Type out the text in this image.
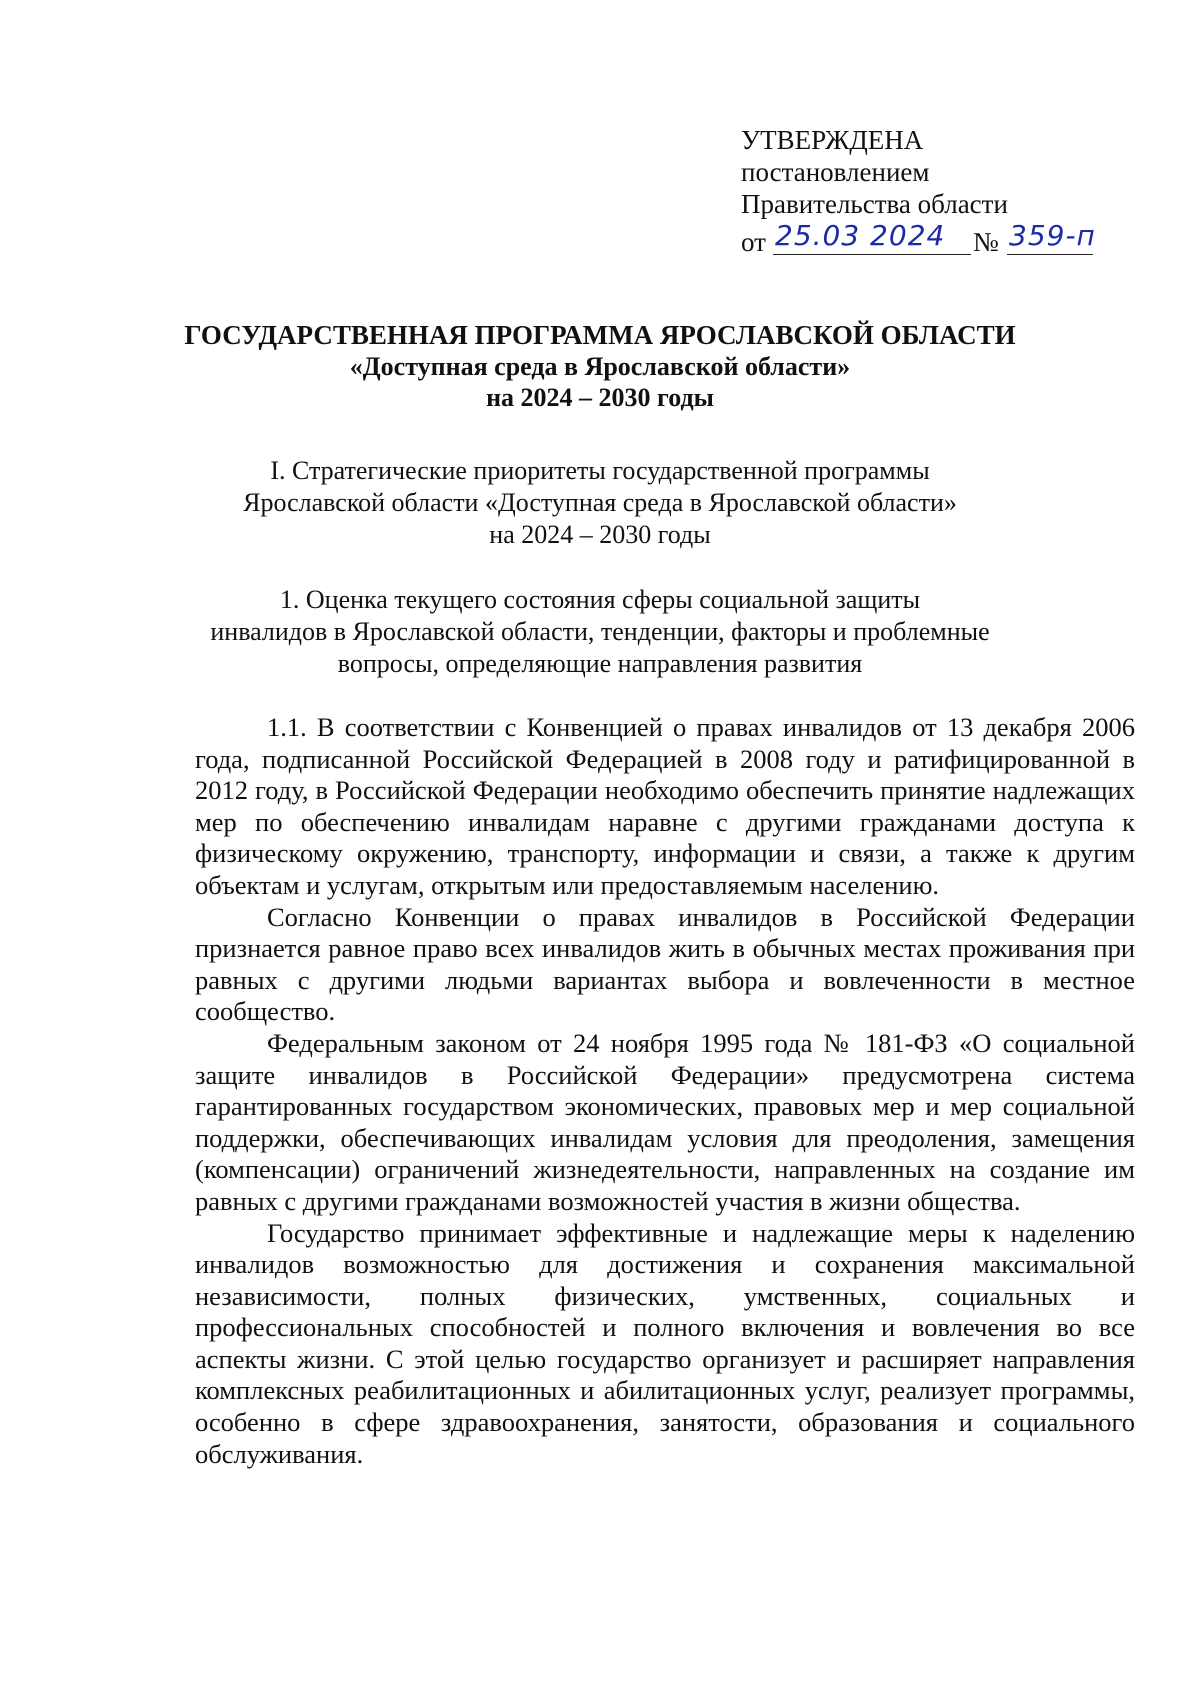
УТВЕРЖДЕНА
постановлением
Правительства области
от 25.03 2024 № 359-п
ГОСУДАРСТВЕННАЯ ПРОГРАММА ЯРОСЛАВСКОЙ ОБЛАСТИ
«Доступная среда в Ярославской области»
на 2024 – 2030 годы
I. Стратегические приоритеты государственной программы
Ярославской области «Доступная среда в Ярославской области»
на 2024 – 2030 годы
1. Оценка текущего состояния сферы социальной защиты
инвалидов в Ярославской области, тенденции, факторы и проблемные
вопросы, определяющие направления развития

1.1. В соответствии с Конвенцией о правах инвалидов от 13 декабря 2006 года, подписанной Российской Федерацией в 2008 году и ратифицированной в 2012 году, в Российской Федерации необходимо обеспечить принятие надлежащих мер по обеспечению инвалидам наравне с другими гражданами доступа к физическому окружению, транспорту, информации и связи, а также к другим объектам и услугам, открытым или предоставляемым населению.

Согласно Конвенции о правах инвалидов в Российской Федерации признается равное право всех инвалидов жить в обычных местах проживания при равных с другими людьми вариантах выбора и вовлеченности в местное сообщество.

Федеральным законом от 24 ноября 1995 года № 181-ФЗ «О социальной защите инвалидов в Российской Федерации» предусмотрена система гарантированных государством экономических, правовых мер и мер социальной поддержки, обеспечивающих инвалидам условия для преодоления, замещения (компенсации) ограничений жизнедеятельности, направленных на создание им равных с другими гражданами возможностей участия в жизни общества.

Государство принимает эффективные и надлежащие меры к наделению инвалидов возможностью для достижения и сохранения максимальной независимости, полных физических, умственных, социальных и профессиональных способностей и полного включения и вовлечения во все аспекты жизни. С этой целью государство организует и расширяет направления комплексных реабилитационных и абилитационных услуг, реализует программы, особенно в сфере здравоохранения, занятости, образования и социального обслуживания.
